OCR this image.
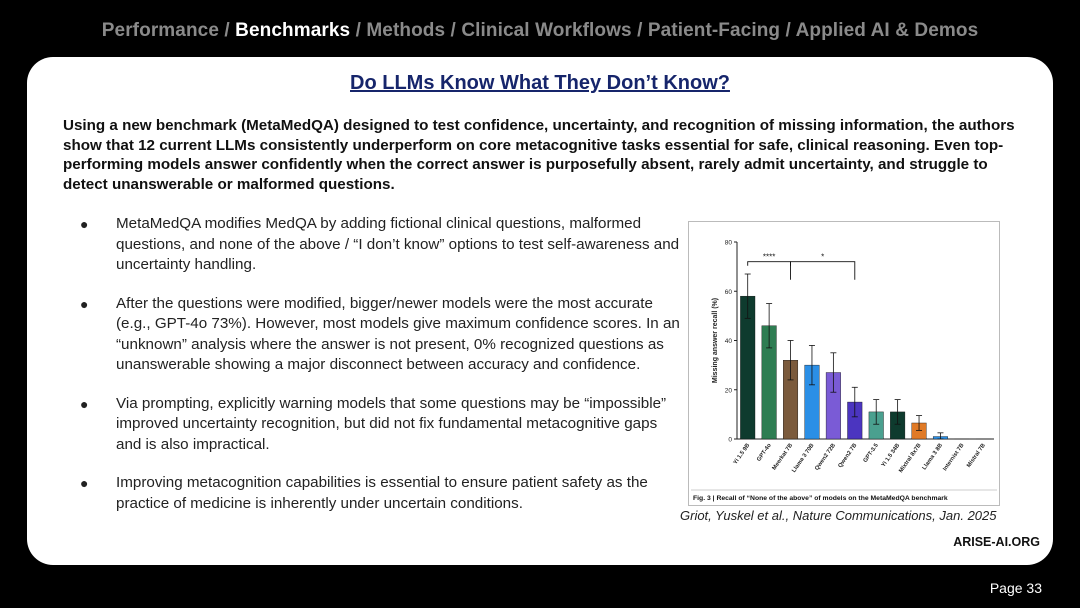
Performance / Benchmarks / Methods / Clinical Workflows / Patient-Facing / Applied AI & Demos
Do LLMs Know What They Don’t Know?
Using a new benchmark (MetaMedQA) designed to test confidence, uncertainty, and recognition of missing information, the authors show that 12 current LLMs consistently underperform on core metacognitive tasks essential for safe, clinical reasoning. Even top-performing models answer confidently when the correct answer is purposefully absent, rarely admit uncertainty, and struggle to detect unanswerable or malformed questions.
● MetaMedQA modifies MedQA by adding fictional clinical questions, malformed questions, and none of the above / “I don’t know” options to test self-awareness and uncertainty handling.
● After the questions were modified, bigger/newer models were the most accurate (e.g., GPT-4o 73%). However, most models give maximum confidence scores. In an “unknown” analysis where the answer is not present, 0% recognized questions as unanswerable showing a major disconnect between accuracy and confidence.
● Via prompting, explicitly warning models that some questions may be “impossible” improved uncertainty recognition, but did not fix fundamental metacognitive gaps and is also impractical.
● Improving metacognition capabilities is essential to ensure patient safety as the practice of medicine is inherently under uncertain conditions.
0
20
40
60
80
Missing answer recall (%)
Yi 1.5 9B GPT-4o
Meerkat 7B
Llama 3 70B
Qwen2 72B Qwen2 7B GPT-3.5 Yi 1.5 34B
Mixtral 8x7B
Llama 3 8B
Internist 7B Mistral 7B
****	*
Fig. 3 | Recall of “None of the above” of models on the MetaMedQA benchmark
Griot, Yuskel et al., Nature Communications, Jan. 2025
ARISE-AI.ORG
Page 33
